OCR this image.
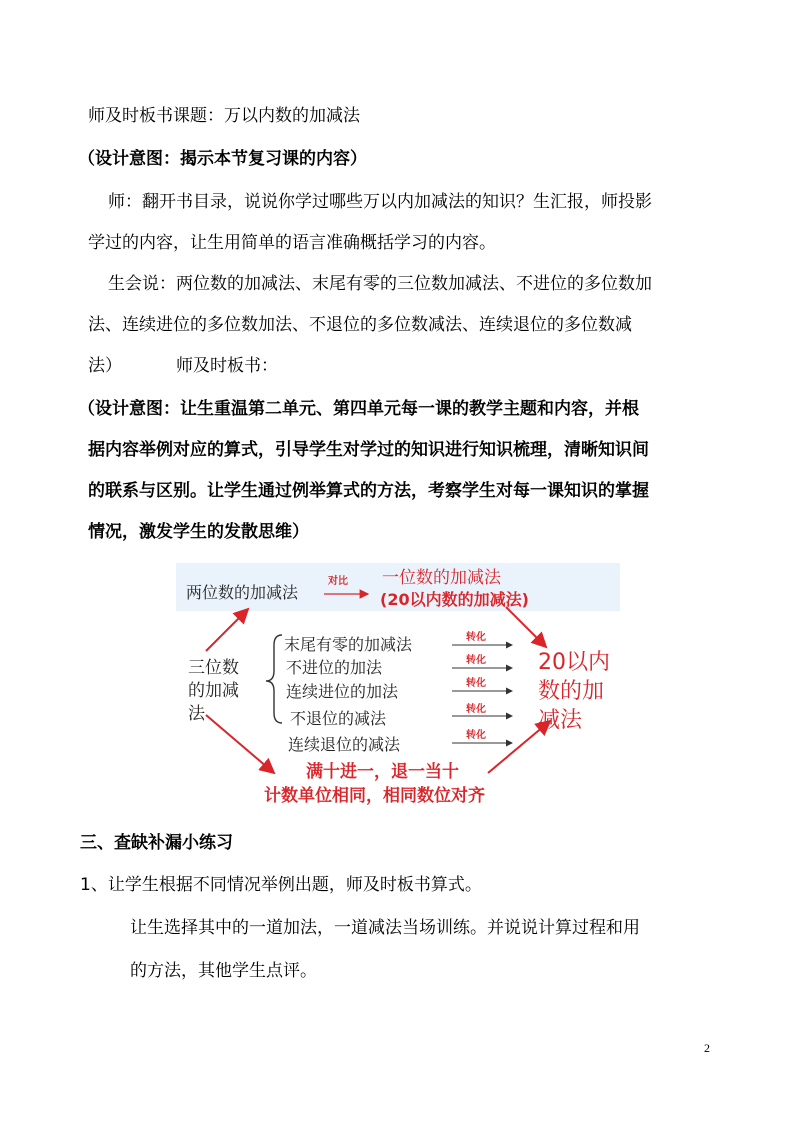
师及时板书课题：万以内数的加减法
（设计意图：揭示本节复习课的内容）
师：翻开书目录，说说你学过哪些万以内加减法的知识？生汇报，师投影
学过的内容，让生用简单的语言准确概括学习的内容。
生会说：两位数的加减法、末尾有零的三位数加减法、不进位的多位数加
法、连续进位的多位数加法、不退位的多位数减法、连续退位的多位数减
法）	师及时板书：
（设计意图：让生重温第二单元、第四单元每一课的教学主题和内容，并根
据内容举例对应的算式，引导学生对学过的知识进行知识梳理，清晰知识间
的联系与区别。让学生通过例举算式的方法，考察学生对每一课知识的掌握
情况，激发学生的发散思维）
两位数的加减法
对比 一位数的加减法
(20以内数的加减法)
三位数
的加减
法
末尾有零的加减法
不进位的加法
连续进位的加法
不退位的减法
连续退位的减法
转化
转化
转化
转化
转化
20以内
数的加
减法
满十进一，退一当十
计数单位相同，相同数位对齐
三、查缺补漏小练习
1、让学生根据不同情况举例出题，师及时板书算式。
让生选择其中的一道加法，一道减法当场训练。并说说计算过程和用
的方法，其他学生点评。
2
